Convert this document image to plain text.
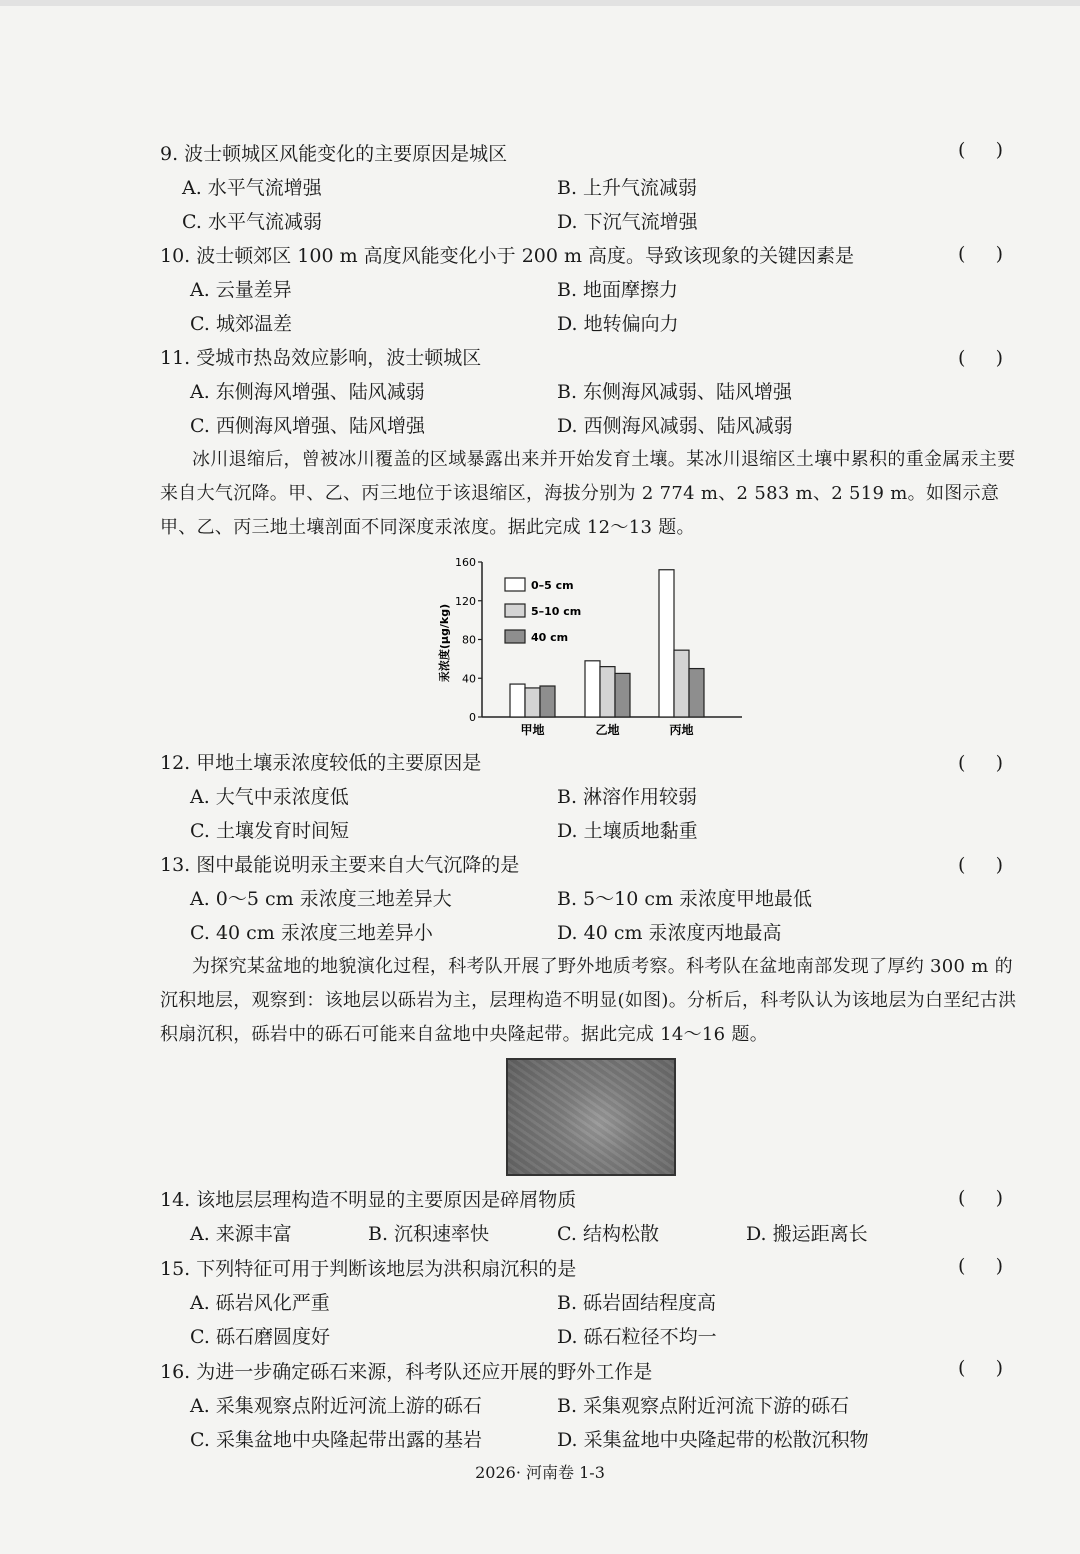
9. 波士顿城区风能变化的主要原因是城区	(     )
A. 水平气流增强	B. 上升气流减弱
C. 水平气流减弱	D. 下沉气流增强
10. 波士顿郊区 100 m 高度风能变化小于 200 m 高度。导致该现象的关键因素是	(     )
A. 云量差异	B. 地面摩擦力
C. 城郊温差	D. 地转偏向力
11. 受城市热岛效应影响，波士顿城区	(     )
A. 东侧海风增强、陆风减弱	B. 东侧海风减弱、陆风增强
C. 西侧海风增强、陆风增强	D. 西侧海风减弱、陆风减弱
冰川退缩后，曾被冰川覆盖的区域暴露出来并开始发育土壤。某冰川退缩区土壤中累积的重金属汞主要来自大气沉降。甲、乙、丙三地位于该退缩区，海拔分别为 2 774 m、2 583 m、2 519 m。如图示意甲、乙、丙三地土壤剖面不同深度汞浓度。据此完成 12～13 题。
汞浓度(μg/kg)
0
40
80
120
160
甲地	乙地	丙地
0–5 cm
5–10 cm
40 cm
12. 甲地土壤汞浓度较低的主要原因是	(     )
A. 大气中汞浓度低	B. 淋溶作用较弱
C. 土壤发育时间短	D. 土壤质地黏重
13. 图中最能说明汞主要来自大气沉降的是	(     )
A. 0～5 cm 汞浓度三地差异大	B. 5～10 cm 汞浓度甲地最低
C. 40 cm 汞浓度三地差异小	D. 40 cm 汞浓度丙地最高
为探究某盆地的地貌演化过程，科考队开展了野外地质考察。科考队在盆地南部发现了厚约 300 m 的沉积地层，观察到：该地层以砾岩为主，层理构造不明显(如图)。分析后，科考队认为该地层为白垩纪古洪积扇沉积，砾岩中的砾石可能来自盆地中央隆起带。据此完成 14～16 题。
14. 该地层层理构造不明显的主要原因是碎屑物质	(     )
A. 来源丰富	B. 沉积速率快	C. 结构松散	D. 搬运距离长
15. 下列特征可用于判断该地层为洪积扇沉积的是	(     )
A. 砾岩风化严重	B. 砾岩固结程度高
C. 砾石磨圆度好	D. 砾石粒径不均一
16. 为进一步确定砾石来源，科考队还应开展的野外工作是	(     )
A. 采集观察点附近河流上游的砾石	B. 采集观察点附近河流下游的砾石
C. 采集盆地中央隆起带出露的基岩	D. 采集盆地中央隆起带的松散沉积物
2026· 河南卷 1-3
